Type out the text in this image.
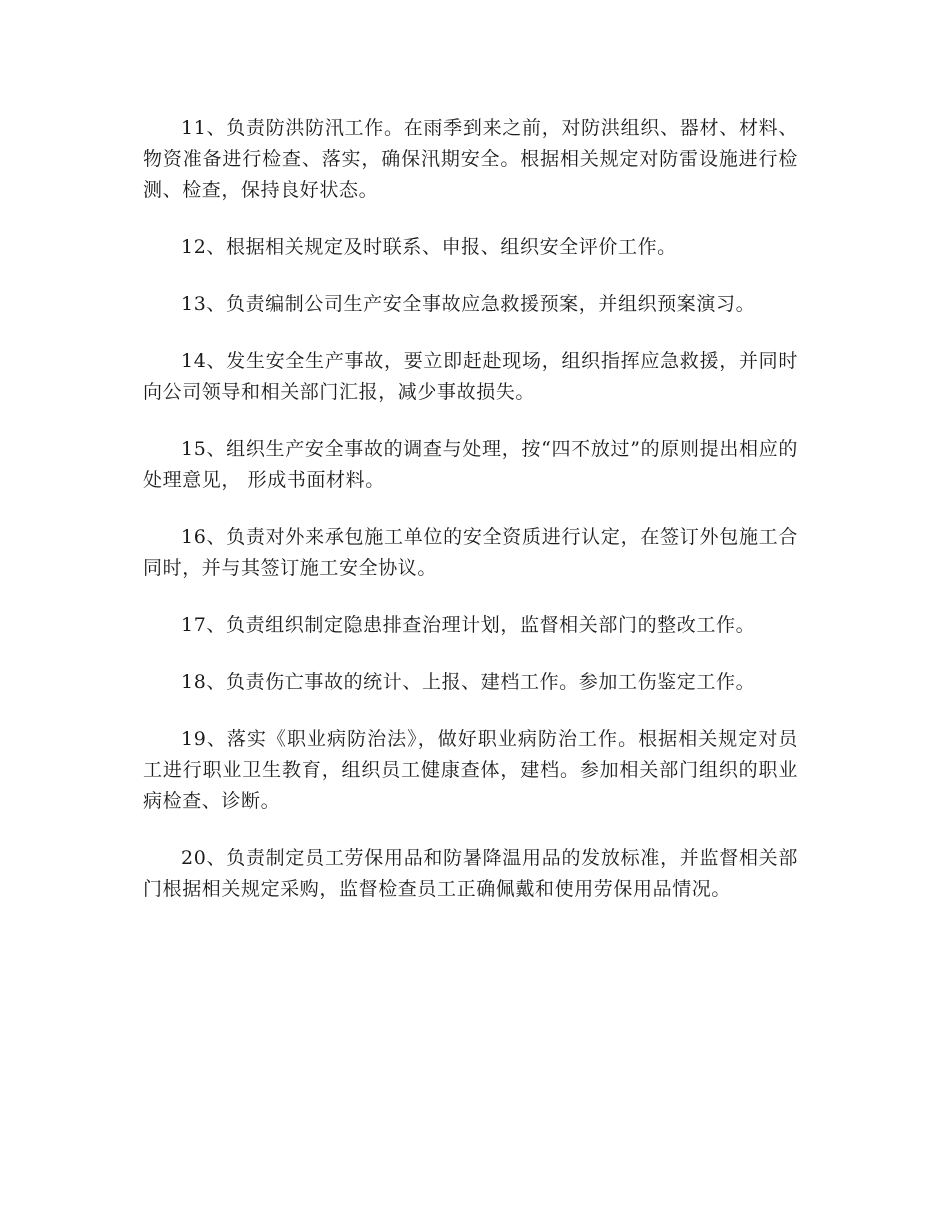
11、负责防洪防汛工作。在雨季到来之前，对防洪组织、器材、材料、物资准备进行检查、落实，确保汛期安全。根据相关规定对防雷设施进行检测、检查，保持良好状态。

12、根据相关规定及时联系、申报、组织安全评价工作。

13、负责编制公司生产安全事故应急救援预案，并组织预案演习。

14、发生安全生产事故，要立即赶赴现场，组织指挥应急救援，并同时向公司领导和相关部门汇报，减少事故损失。

15、组织生产安全事故的调查与处理，按“四不放过”的原则提出相应的处理意见， 形成书面材料。

16、负责对外来承包施工单位的安全资质进行认定，在签订外包施工合同时，并与其签订施工安全协议。

17、负责组织制定隐患排查治理计划，监督相关部门的整改工作。

18、负责伤亡事故的统计、上报、建档工作。参加工伤鉴定工作。

19、落实《职业病防治法》，做好职业病防治工作。根据相关规定对员工进行职业卫生教育，组织员工健康查体，建档。参加相关部门组织的职业病检查、诊断。

20、负责制定员工劳保用品和防暑降温用品的发放标准，并监督相关部门根据相关规定采购，监督检查员工正确佩戴和使用劳保用品情况。
